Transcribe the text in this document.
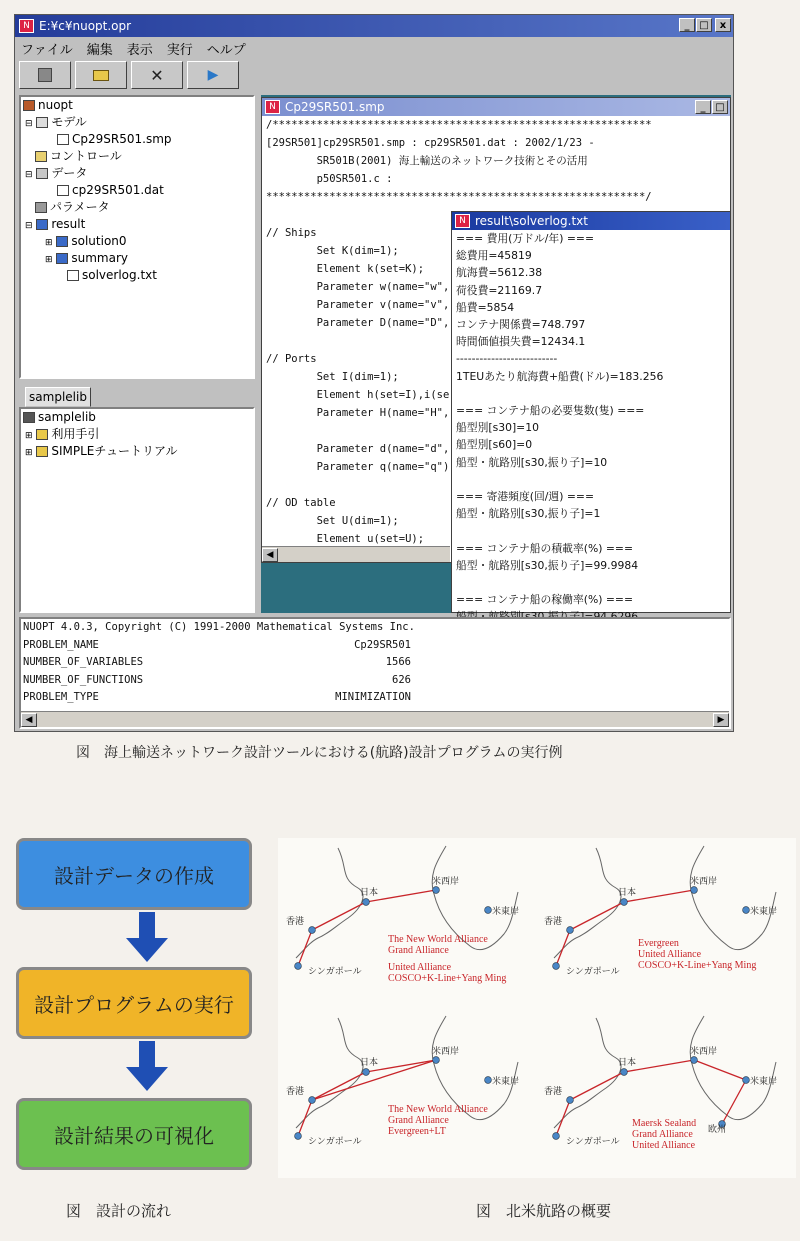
N E:¥c¥nuopt.opr	_ □	x
ファイル 編集 表示 実行 ヘルプ
✕	▶
nuopt
⊟ モデル
Cp29SR501.smp
コントロール
⊟ データ
cp29SR501.dat
パラメータ
⊟ result
⊞ solution0
⊞ summary
solverlog.txt
samplelib
samplelib
⊞ 利用手引
⊞ SIMPLEチュートリアル
N Cp29SR501.smp	_ □
/************************************************************
[29SR501]cp29SR501.smp : cp29SR501.dat : 2002/1/23 -
SR501B(2001) 海上輸送のネットワーク技術とその活用
p50SR501.c :
************************************************************/

// Ships
Set K(dim=1);
Element k(set=K);
Parameter w(name="w",
Parameter v(name="v",
Parameter D(name="D",

// Ports
Set I(dim=1);
Element h(set=I),i(se
Parameter H(name="H",

Parameter d(name="d",
Parameter q(name="q")

// OD table
Set U(dim=1);
Element u(set=U);
◀
N result\solverlog.txt
=== 費用(万ドル/年) ===
総費用=45819
航海費=5612.38
荷役費=21169.7
船費=5854
コンテナ関係費=748.797
時間価値損失費=12434.1
--------------------------
1TEUあたり航海費+船費(ドル)=183.256

=== コンテナ船の必要隻数(隻) ===
船型別[s30]=10
船型別[s60]=0
船型・航路別[s30,振り子]=10

=== 寄港頻度(回/週) ===
船型・航路別[s30,振り子]=1

=== コンテナ船の積載率(%) ===
船型・航路別[s30,振り子]=99.9984

=== コンテナ船の稼働率(%) ===

NUOPT 4.0.3, Copyright (C) 1991-2000 Mathematical Systems Inc.
PROBLEM_NAME	Cp29SR501
NUMBER_OF_VARIABLES	1566
NUMBER_OF_FUNCTIONS	626
PROBLEM_TYPE	MINIMIZATION
◀	▶
図　海上輸送ネットワーク設計ツールにおける(航路)設計プログラムの実行例
設計データの作成
設計プログラムの実行
設計結果の可視化
図　設計の流れ
日本
米西岸
米東岸
香港
シンガポール
The New World Alliance
Grand Alliance
United Alliance
COSCO+K-Line+Yang Ming
日本
米西岸
米東岸
香港
シンガポール
Evergreen
United Alliance
COSCO+K-Line+Yang Ming
日本
米西岸
米東岸
香港
シンガポール
The New World Alliance
Grand Alliance
Evergreen+LT
日本
米西岸
米東岸
香港
シンガポール
欧州
Maersk Sealand
Grand Alliance
United Alliance
図　北米航路の概要
